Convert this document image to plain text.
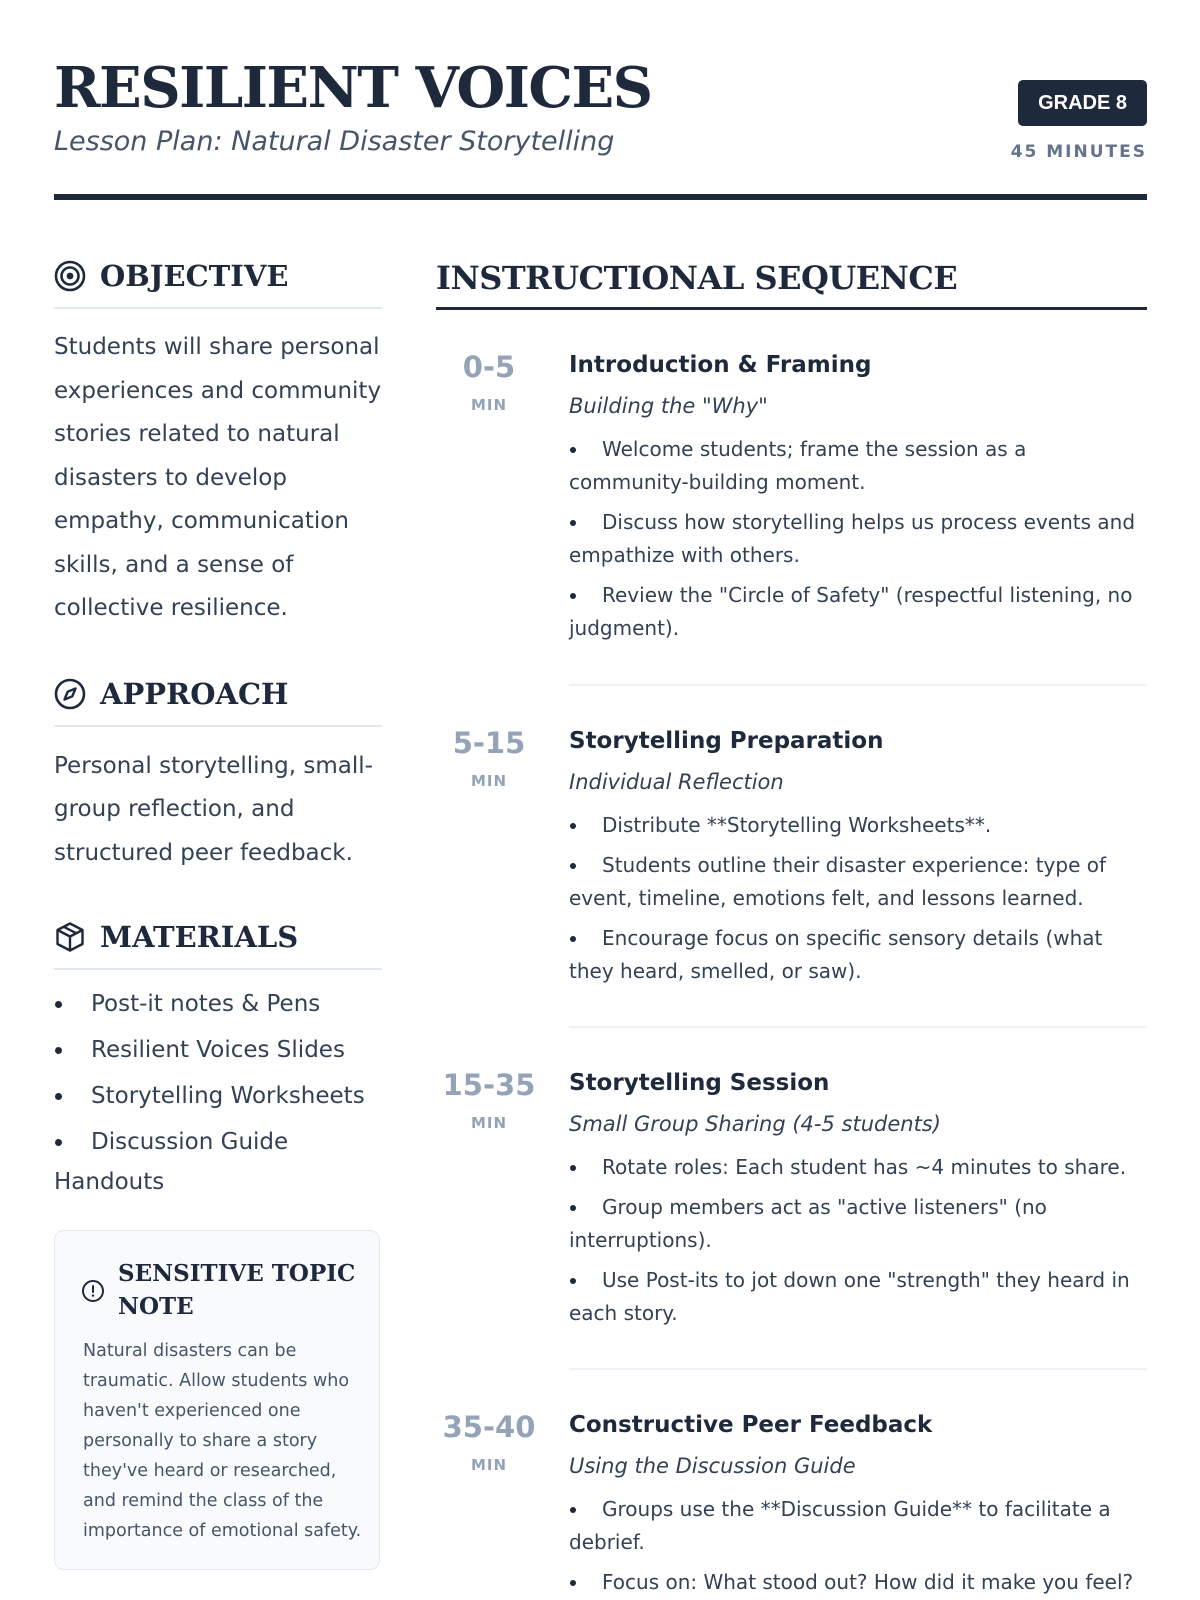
RESILIENT VOICES
Lesson Plan: Natural Disaster Storytelling
GRADE 8
45 MINUTES
OBJECTIVE

Students will share personal experiences and community stories related to natural disasters to develop empathy, communication skills, and a sense of collective resilience.

APPROACH

Personal storytelling, small-group reflection, and structured peer feedback.

MATERIALS
Post-it notes & Pens
Resilient Voices Slides
Storytelling Worksheets
Discussion Guide Handouts
SENSITIVE TOPIC NOTE
Natural disasters can be traumatic. Allow students who haven't experienced one personally to share a story they've heard or researched, and remind the class of the importance of emotional safety.
INSTRUCTIONAL SEQUENCE
0-5
MIN
Introduction & Framing
Building the "Why"
Welcome students; frame the session as a community-building moment.
Discuss how storytelling helps us process events and empathize with others.
Review the "Circle of Safety" (respectful listening, no judgment).
5-15
MIN
Storytelling Preparation
Individual Reflection
Distribute **Storytelling Worksheets**.
Students outline their disaster experience: type of event, timeline, emotions felt, and lessons learned.
Encourage focus on specific sensory details (what they heard, smelled, or saw).
15-35
MIN
Storytelling Session
Small Group Sharing (4-5 students)
Rotate roles: Each student has ~4 minutes to share.
Group members act as "active listeners" (no interruptions).
Use Post-its to jot down one "strength" they heard in each story.
35-40
MIN
Constructive Peer Feedback
Using the Discussion Guide
Groups use the **Discussion Guide** to facilitate a debrief.
Focus on: What stood out? How did it make you feel?
